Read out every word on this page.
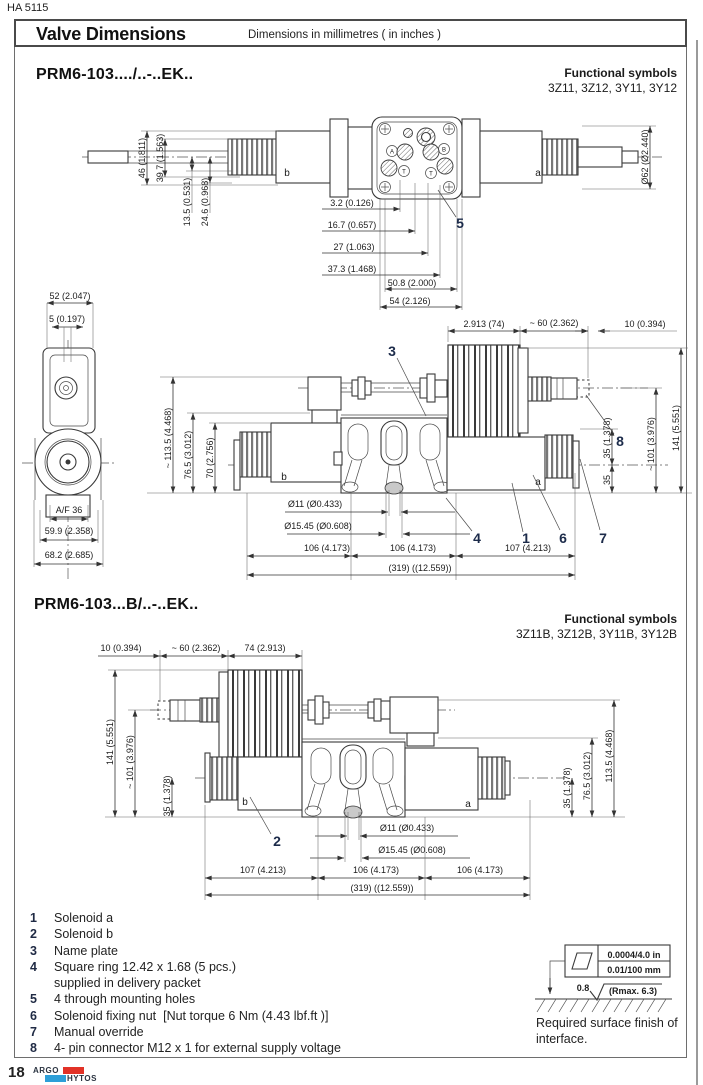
HA 5115
Valve Dimensions	Dimensions in millimetres ( in inches )
PRM6-103..../..-..EK..	Functional symbols
3Z11, 3Z12, 3Y11, 3Y12
PRM6-103...B/..-..EK..
Functional symbols
3Z11B, 3Z12B, 3Y11B, 3Y12B
A	B
T	T
b	a
46 (1.811) 39.7 (1.563)
13.5 (0.531) 24.6 (0.968)
Ø62 (Ø2.440)
3.2 (0.126)
16.7 (0.657)
27 (1.063)
37.3 (1.468)
50.8 (2.000)
54 (2.126)
5
52 (2.047)
5 (0.197)
A/F 36
59.9 (2.358)
68.2 (2.685)
b	a
2.913 (74)	~ 60 (2.362)	10 (0.394)
~ 113.5 (4.468) 76.5 (3.012) 70 (2.756)	35 (1.378)
35
~ 101 (3.976) 141 (5.551)
106 (4.173)	106 (4.173)	107 (4.213)
(319) ((12.559))
Ø11 (Ø0.433)
Ø15.45 (Ø0.608)
3
4	1 6 7
8
b	a
10 (0.394)	~ 60 (2.362)	74 (2.913)
141 (5.551) ~ 101 (3.976)
35 (1.378)	35 (1.378) 76.5 (3.012) 113.5 (4.468)
Ø11 (Ø0.433)
Ø15.45 (Ø0.608)
107 (4.213)	106 (4.173)	106 (4.173)
(319) ((12.559))
2
0.0004/4.0 in
0.01/100 mm
0.8 (Rmax. 6.3)
1	Solenoid a
2	Solenoid b
3	Name plate
4	Square ring 12.42 x 1.68 (5 pcs.)
supplied in delivery packet
5	4 through mounting holes
6	Solenoid fixing nut  [Nut torque 6 Nm (4.43 lbf.ft )]
7	Manual override
8	4- pin connector M12 x 1 for external supply voltage
Required surface finish of interface.
18 ARGO
HYTOS
